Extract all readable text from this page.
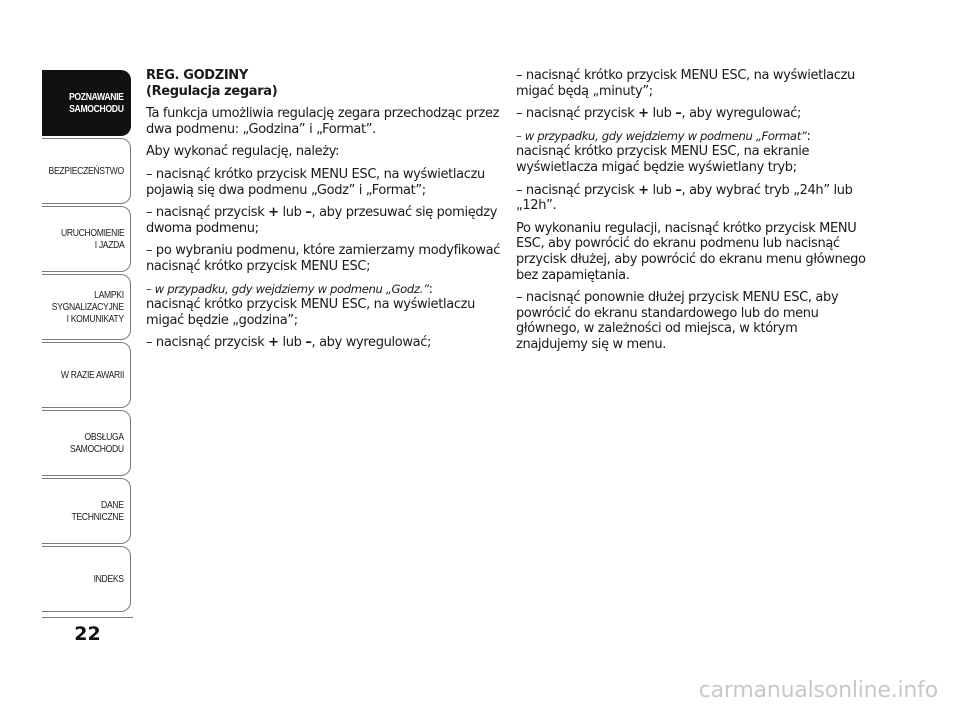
POZNAWANIE
SAMOCHODU
BEZPIECZEŃSTWO
URUCHOMIENIE
I JAZDA
LAMPKI
SYGNALIZACYJNE
I KOMUNIKATY
W RAZIE AWARII
OBSŁUGA
SAMOCHODU
DANE
TECHNICZNE
INDEKS
22
REG. GODZINY
(Regulacja zegara)

Ta funkcja umożliwia regulację zegara przechodząc przez dwa podmenu: „Godzina” i „Format”.

Aby wykonać regulację, należy:

– nacisnąć krótko przycisk MENU ESC, na wyświetlaczu pojawią się dwa podmenu „Godz” i „Format”;

– nacisnąć przycisk + lub –, aby przesuwać się pomiędzy dwoma podmenu;

– po wybraniu podmenu, które zamierzamy modyfikować nacisnąć krótko przycisk MENU ESC;

– w przypadku, gdy wejdziemy w podmenu „Godz.”:
nacisnąć krótko przycisk MENU ESC, na wyświetlaczu migać będzie „godzina”;

– nacisnąć przycisk + lub –, aby wyregulować;

– nacisnąć krótko przycisk MENU ESC, na wyświetlaczu migać będą „minuty”;

– nacisnąć przycisk + lub –, aby wyregulować;

– w przypadku, gdy wejdziemy w podmenu „Format”:
nacisnąć krótko przycisk MENU ESC, na ekranie wyświetlacza migać będzie wyświetlany tryb;

– nacisnąć przycisk + lub –, aby wybrać tryb „24h” lub „12h”.

Po wykonaniu regulacji, nacisnąć krótko przycisk MENU ESC, aby powrócić do ekranu podmenu lub nacisnąć przycisk dłużej, aby powrócić do ekranu menu głównego bez zapamiętania.

– nacisnąć ponownie dłużej przycisk MENU ESC, aby powrócić do ekranu standardowego lub do menu głównego, w zależności od miejsca, w którym znajdujemy się w menu.

carmanualsonline.info
